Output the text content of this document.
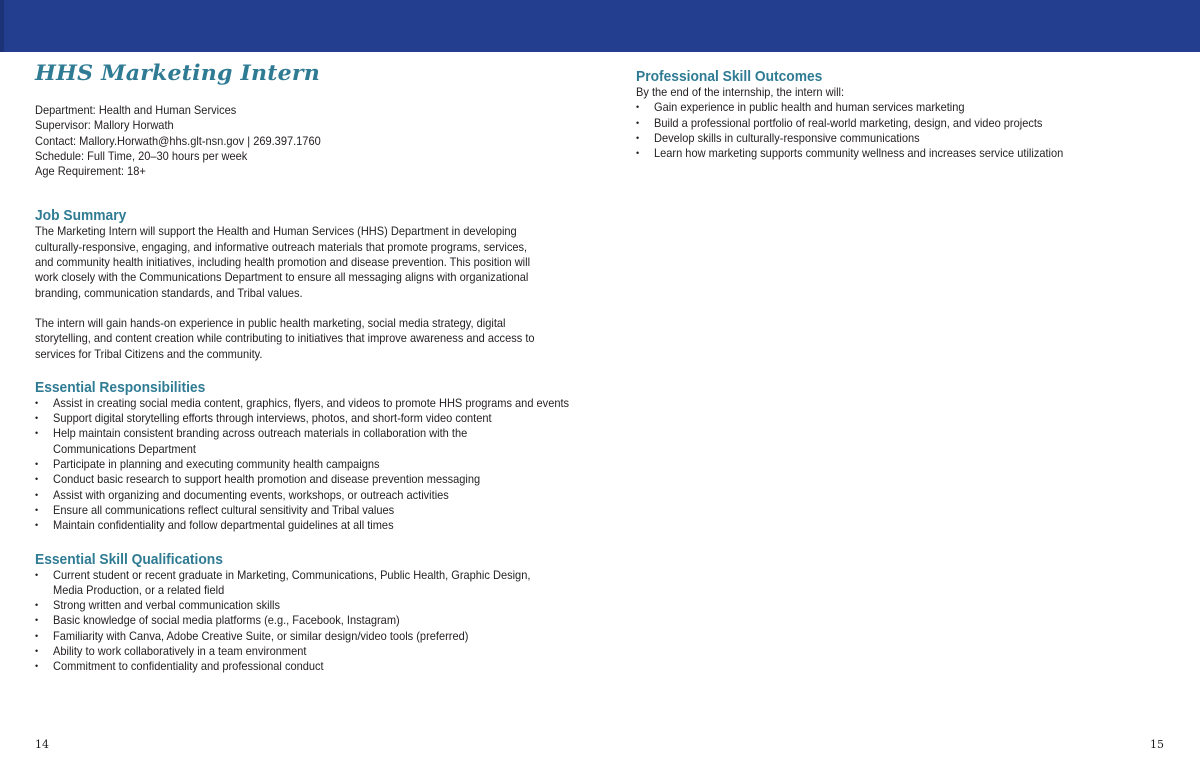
HHS Marketing Intern

Department: Health and Human Services

Supervisor: Mallory Horwath

Contact: Mallory.Horwath@hhs.glt-nsn.gov | 269.397.1760

Schedule: Full Time, 20–30 hours per week

Age Requirement: 18+

Job Summary
The Marketing Intern will support the Health and Human Services (HHS) Department in developing
culturally-responsive, engaging, and informative outreach materials that promote programs, services,
and community health initiatives, including health promotion and disease prevention. This position will
work closely with the Communications Department to ensure all messaging aligns with organizational
branding, communication standards, and Tribal values.
The intern will gain hands-on experience in public health marketing, social media strategy, digital
storytelling, and content creation while contributing to initiatives that improve awareness and access to
services for Tribal Citizens and the community.
Essential Responsibilities
• Assist in creating social media content, graphics, flyers, and videos to promote HHS programs and events
• Support digital storytelling efforts through interviews, photos, and short-form video content
• Help maintain consistent branding across outreach materials in collaboration with the
Communications Department
• Participate in planning and executing community health campaigns
• Conduct basic research to support health promotion and disease prevention messaging
• Assist with organizing and documenting events, workshops, or outreach activities
• Ensure all communications reflect cultural sensitivity and Tribal values
• Maintain confidentiality and follow departmental guidelines at all times
Essential Skill Qualifications
• Current student or recent graduate in Marketing, Communications, Public Health, Graphic Design,
Media Production, or a related field
• Strong written and verbal communication skills
• Basic knowledge of social media platforms (e.g., Facebook, Instagram)
• Familiarity with Canva, Adobe Creative Suite, or similar design/video tools (preferred)
• Ability to work collaboratively in a team environment
• Commitment to confidentiality and professional conduct
Professional Skill Outcomes
By the end of the internship, the intern will:
• Gain experience in public health and human services marketing
• Build a professional portfolio of real-world marketing, design, and video projects
• Develop skills in culturally-responsive communications
• Learn how marketing supports community wellness and increases service utilization
14	15
